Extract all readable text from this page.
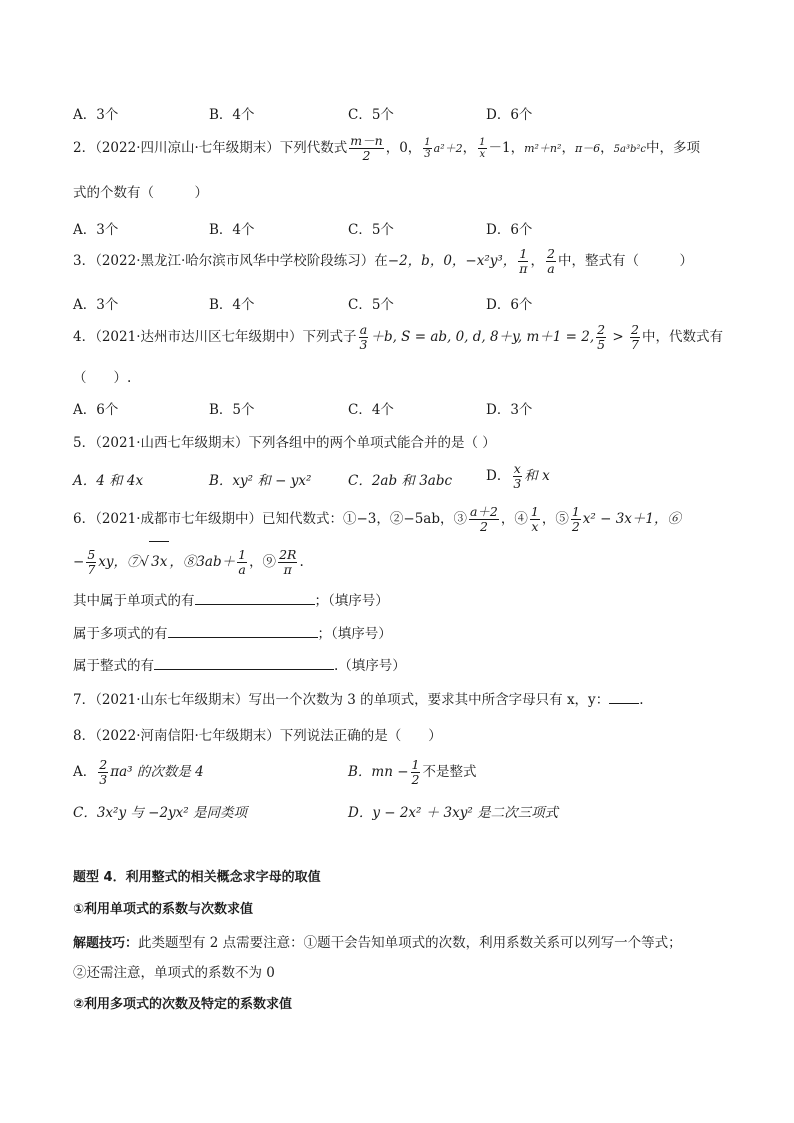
A．3个	B．4个	C．5个	D．6个
2．（2022·四川凉山·七年级期末）下列代数式 $\frac{m-n}{2}$ ，0， $\frac{1}{3} a^2+2$， $\frac{1}{x} -1$，m²＋n²，π－6，5a³b²c中，多项
式的个数有（　　　）
A．3个	B．4个	C．5个	D．6个
3．（2022·黑龙江·哈尔滨市风华中学校阶段练习）在−2，b，0，−x²y³， $\frac{1}{\pi}$ ， $\frac{2}{a}$ 中，整式有（　　　）
A．3个	B．4个	C．5个	D．6个
4．（2021·达州市达川区七年级期中）下列式子 $\frac{a}{3} +b$, S = ab, 0, d, 8＋y, m＋1 = 2, $\frac{2}{5} > \frac{2}{7}$ 中，代数式有
（　　）.
A．6个	B．5个	C．4个	D．3个
5．（2021·山西七年级期末）下列各组中的两个单项式能合并的是（ ）
A．4 和 4x	B．xy² 和 − yx²	C．2ab 和 3abc	D． $\frac{x}{3}$ 和 x
6．（2021·成都市七年级期中）已知代数式：①−3，②−5ab，③ $\frac{a+2}{2}$ ，④ $\frac{1}{x}$ ，⑤ $\frac{1}{2} x^2 - 3x+1$，⑥
− $\frac{5}{7}$ xy，⑦√ 3x ，⑧3ab＋ $\frac{1}{a}$ ，⑨ $\frac{2R}{\pi}$ .
其中属于单项式的有	；（填序号）
属于多项式的有	；（填序号）
属于整式的有	.（填序号）
7．（2021·山东七年级期末）写出一个次数为 3 的单项式，要求其中所含字母只有 x，y： .
8．（2022·河南信阳·七年级期末）下列说法正确的是（　　）
A． $\frac{2}{3} \pi a^3$ 的次数是 4	B．mn − $\frac{1}{2}$ 不是整式
C．3x²y 与 −2yx² 是同类项	D．y − 2x² ＋ 3xy² 是二次三项式
题型 4．利用整式的相关概念求字母的取值
①利用单项式的系数与次数求值
解题技巧：此类题型有 2 点需要注意：①题干会告知单项式的次数，利用系数关系可以列写一个等式；
②还需注意，单项式的系数不为 0
②利用多项式的次数及特定的系数求值
